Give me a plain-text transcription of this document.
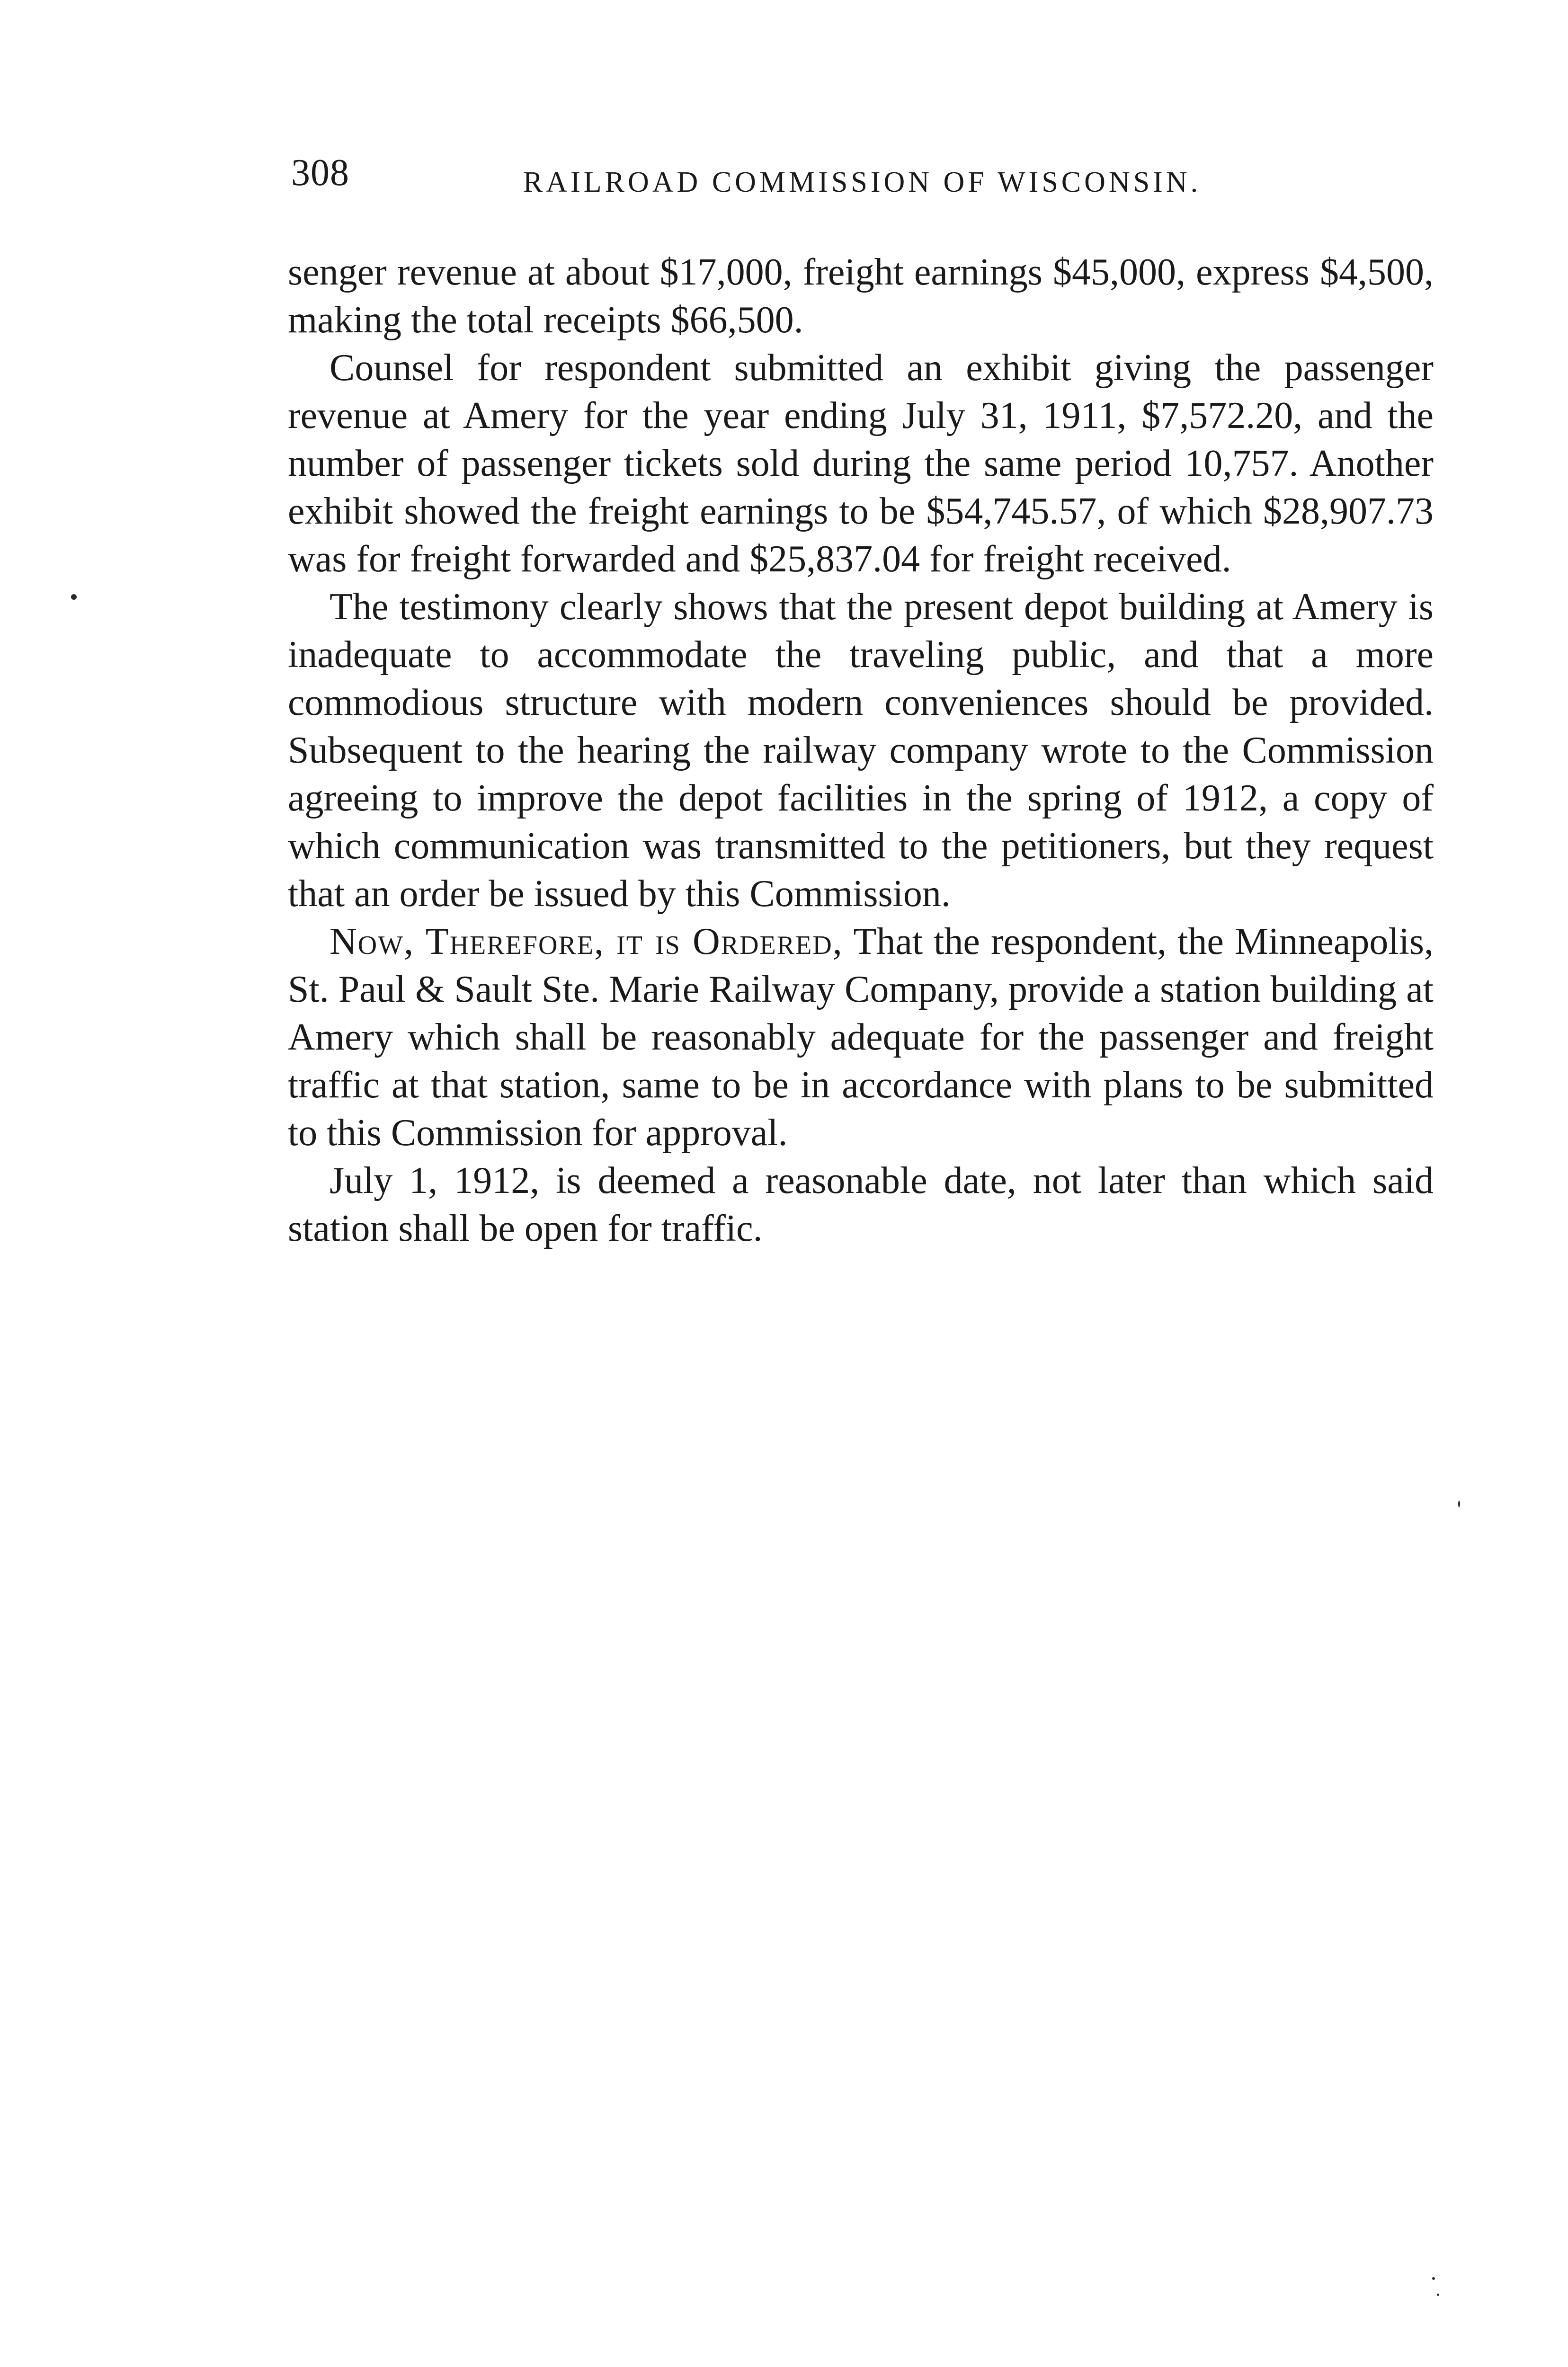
308	RAILROAD COMMISSION OF WISCONSIN.

senger revenue at about $17,000, freight earnings $45,000, express $4,500, making the total receipts $66,500.

Counsel for respondent submitted an exhibit giving the passenger revenue at Amery for the year ending July 31, 1911, $7,572.20, and the number of passenger tickets sold during the same period 10,757. Another exhibit showed the freight earnings to be $54,745.57, of which $28,907.73 was for freight forwarded and $25,837.04 for freight received.

The testimony clearly shows that the present depot building at Amery is inadequate to accommodate the traveling public, and that a more commodious structure with modern conveniences should be provided. Subsequent to the hearing the railway company wrote to the Commission agreeing to improve the depot facilities in the spring of 1912, a copy of which communication was transmitted to the petitioners, but they request that an order be issued by this Commission.

Now, Therefore, it is Ordered, That the respondent, the Minneapolis, St. Paul & Sault Ste. Marie Railway Company, provide a station building at Amery which shall be reasonably adequate for the passenger and freight traffic at that station, same to be in accordance with plans to be submitted to this Commission for approval.

July 1, 1912, is deemed a reasonable date, not later than which said station shall be open for traffic.
